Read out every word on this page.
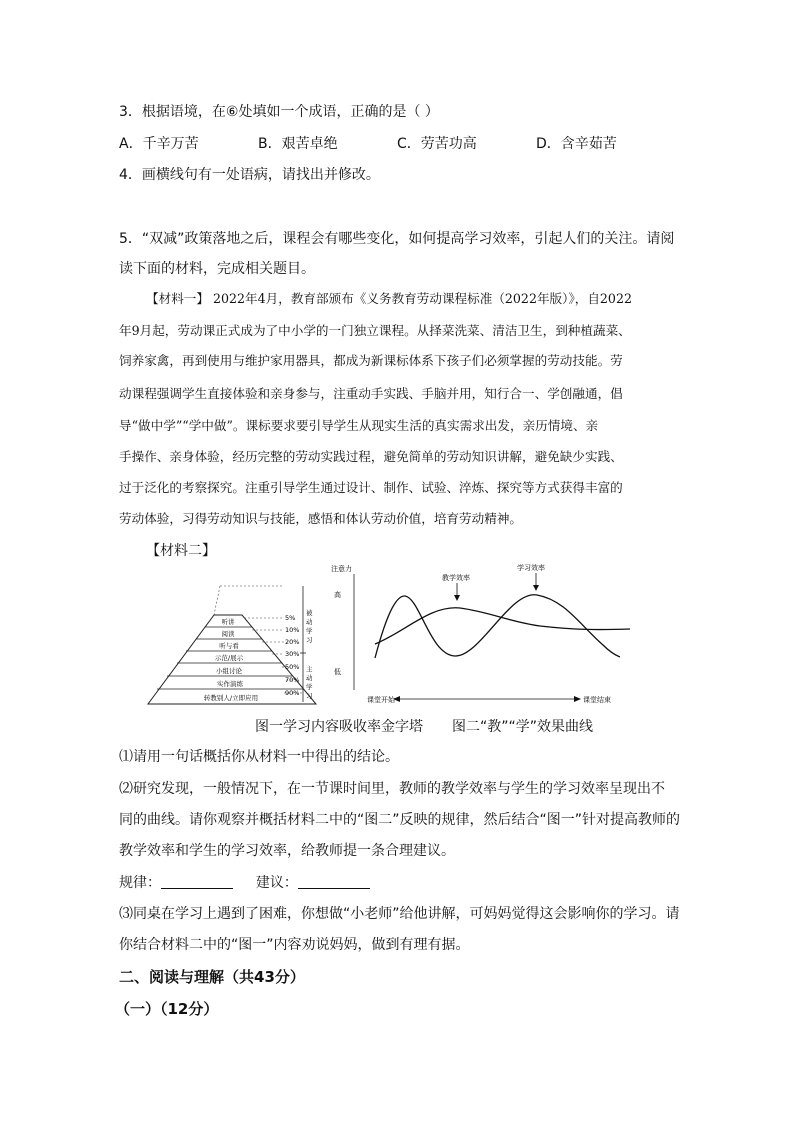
3．根据语境，在⑥处填如一个成语，正确的是（ ）
A．千辛万苦	B．艰苦卓绝	C．劳苦功高	D．含辛茹苦
4．画横线句有一处语病，请找出并修改。
5．“双减”政策落地之后，课程会有哪些变化，如何提高学习效率，引起人们的关注。请阅
读下面的材料，完成相关题目。
【材料一】 2022年4月，教育部颁布《义务教育劳动课程标准（2022年版）》，自2022
年9月起，劳动课正式成为了中小学的一门独立课程。从择菜洗菜、清洁卫生，到种植蔬菜、
饲养家禽，再到使用与维护家用器具，都成为新课标体系下孩子们必须掌握的劳动技能。劳
动课程强调学生直接体验和亲身参与，注重动手实践、手脑并用，知行合一、学创融通，倡
导“做中学”“学中做”。课标要求要引导学生从现实生活的真实需求出发，亲历情境、亲
手操作、亲身体验，经历完整的劳动实践过程，避免简单的劳动知识讲解，避免缺少实践、
过于泛化的考察探究。注重引导学生通过设计、制作、试验、淬炼、探究等方式获得丰富的
劳动体验，习得劳动知识与技能，感悟和体认劳动价值，培育劳动精神。
【材料二】
听讲
阅读
听与看
示范/展示
小组讨论
实作演练
转教别人/立即应用
5%
10%
20%
30%
50%
70%
90%
被
动
学
习
主
动
学
习
注意力
高
低
教学效率
学习效率
课堂开始	课堂结束
图一学习内容吸收率金字塔 图二“教”“学”效果曲线
⑴请用一句话概括你从材料一中得出的结论。
⑵研究发现，一般情况下，在一节课时间里，教师的教学效率与学生的学习效率呈现出不
同的曲线。请你观察并概括材料二中的“图二”反映的规律，然后结合“图一”针对提高教师的
教学效率和学生的学习效率，给教师提一条合理建议。
规律：	建议：
⑶同桌在学习上遇到了困难，你想做“小老师”给他讲解，可妈妈觉得这会影响你的学习。请
你结合材料二中的“图一”内容劝说妈妈，做到有理有据。
二、阅读与理解（共43分）
（一）（12分）
